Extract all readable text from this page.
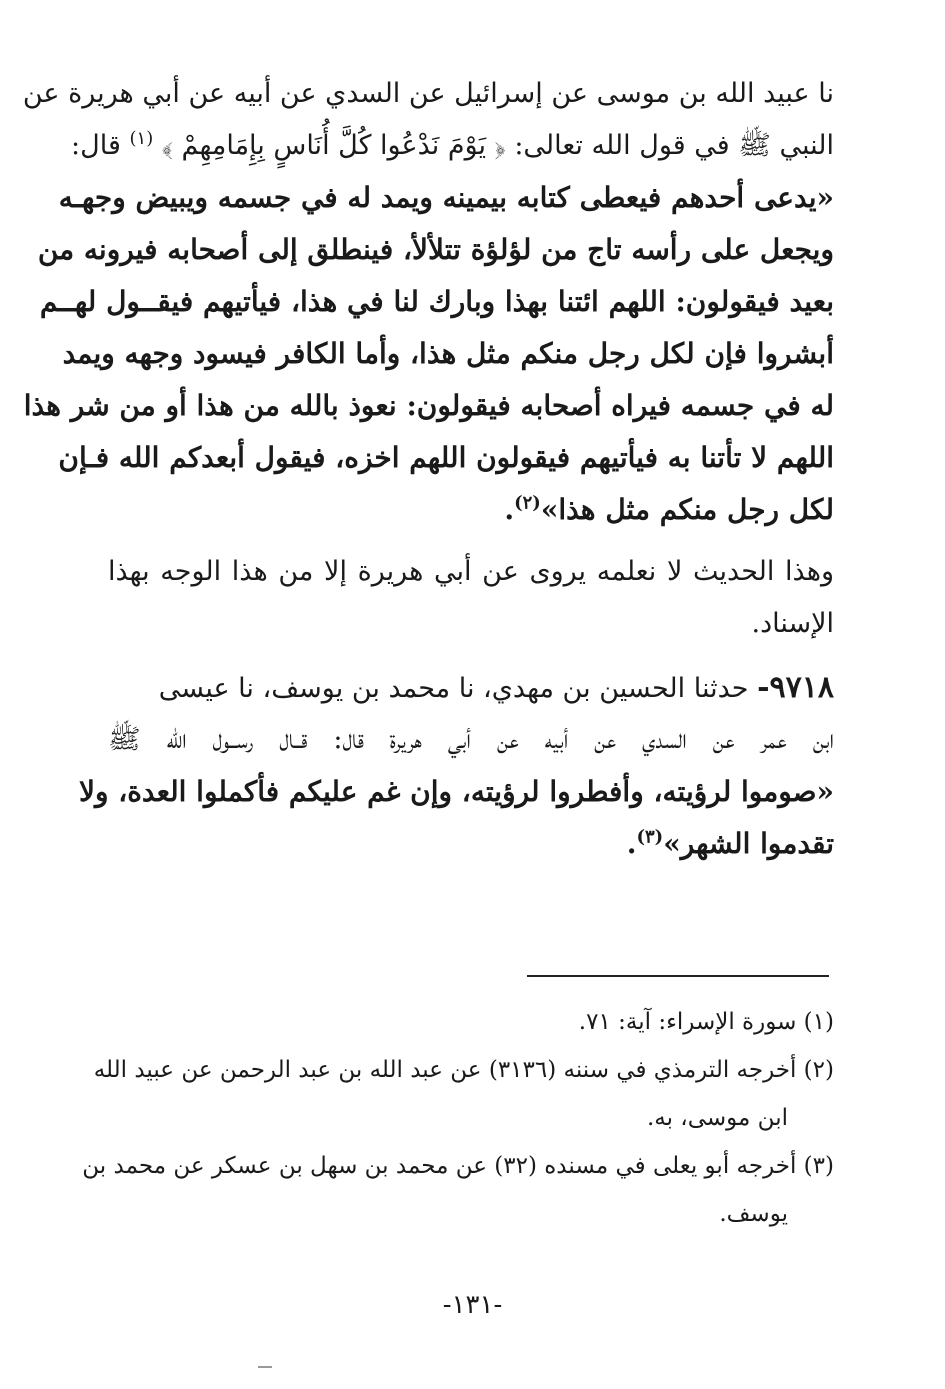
نا عبيد الله بن موسى عن إسرائيل عن السدي عن أبيه عن أبي هريرة عن
النبي ﷺ في قول الله تعالى: ﴿ يَوْمَ نَدْعُوا كُلَّ أُنَاسٍ بِإِمَامِهِمْ ﴾ $^{(١)}$ قال:
«يدعى أحدهم فيعطى كتابه بيمينه ويمد له في جسمه ويبيض وجهـه
ويجعل على رأسه تاج من لؤلؤة تتلألأ، فينطلق إلى أصحابه فيرونه من
بعيد فيقولون: اللهم ائتنا بهذا وبارك لنا في هذا، فيأتيهم فيقــول لهــم
أبشروا فإن لكل رجل منكم مثل هذا، وأما الكافر فيسود وجهه ويمد
له في جسمه فيراه أصحابه فيقولون: نعوذ بالله من هذا أو من شر هذا
اللهم لا تأتنا به فيأتيهم فيقولون اللهم اخزه، فيقول أبعدكم الله فـإن
لكل رجل منكم مثل هذا»$^{(٢)}$.
وهذا الحديث لا نعلمه يروى عن أبي هريرة إلا من هذا الوجه بهذا
الإسناد.
٩٧١٨- حدثنا الحسين بن مهدي، نا محمد بن يوسف، نا عيسى
ابن عمر عن السدي عن أبيه عن أبي هريرة قال: قــال رســول الله ﷺ
«صوموا لرؤيته، وأفطروا لرؤيته، وإن غم عليكم فأكملوا العدة، ولا
تقدموا الشهر»$^{(٣)}$.
(١) سورة الإسراء: آية: ٧١.
(٢) أخرجه الترمذي في سننه (٣١٣٦) عن عبد الله بن عبد الرحمن عن عبيد الله
ابن موسى، به.
(٣) أخرجه أبو يعلى في مسنده (٣٢) عن محمد بن سهل بن عسكر عن محمد بن
يوسف.
-١٣١-
